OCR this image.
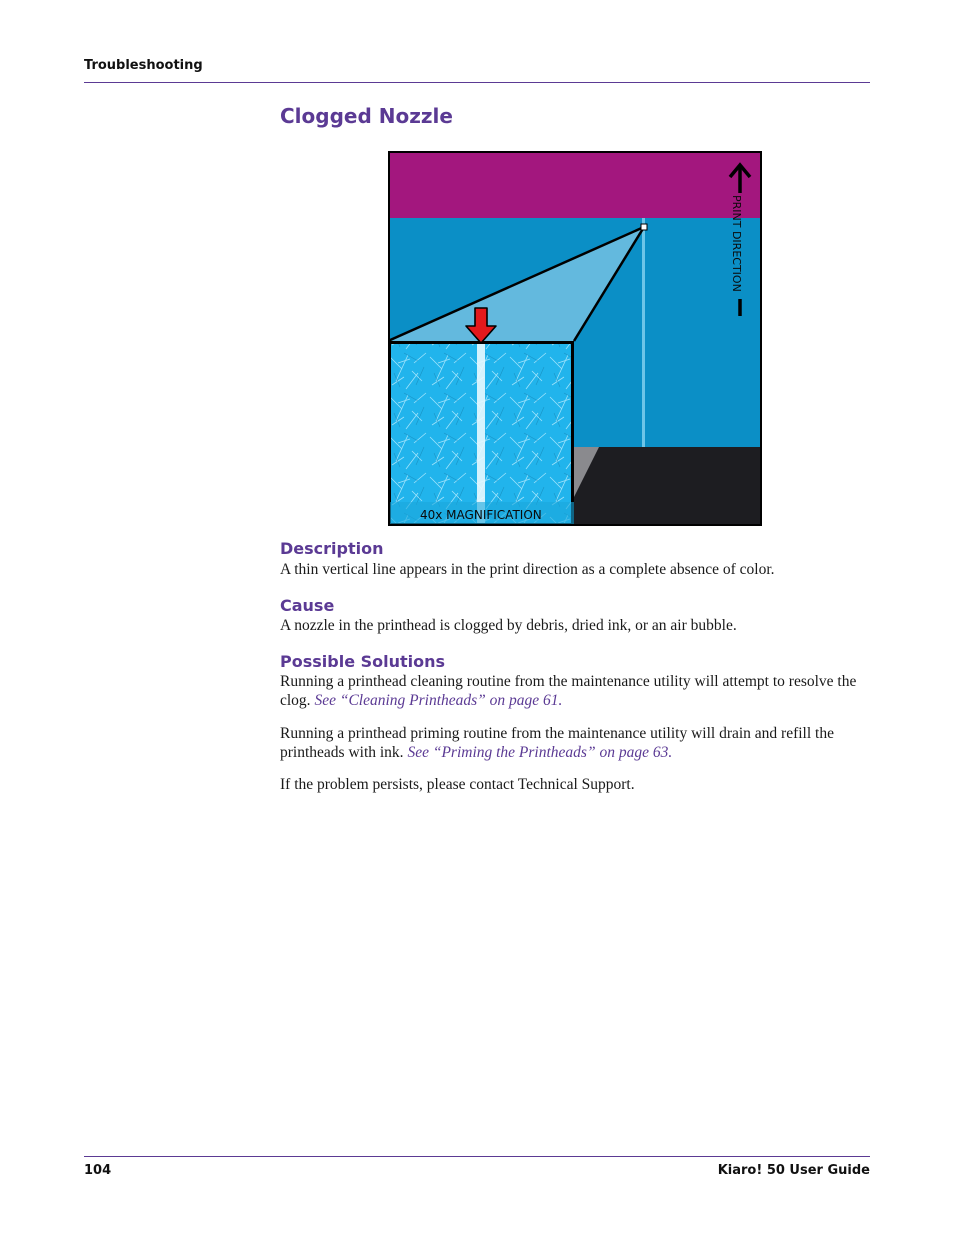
Troubleshooting
Clogged Nozzle
40x MAGNIFICATION
PRINT DIRECTION
Description

A thin vertical line appears in the print direction as a complete absence of color.

Cause

A nozzle in the printhead is clogged by debris, dried ink, or an air bubble.

Possible Solutions

Running a printhead cleaning routine from the maintenance utility will attempt to resolve the clog. See “Cleaning Printheads” on page 61.

Running a printhead priming routine from the maintenance utility will drain and refill the printheads with ink. See “Priming the Printheads” on page 63.

If the problem persists, please contact Technical Support.

104	Kiaro! 50 User Guide
